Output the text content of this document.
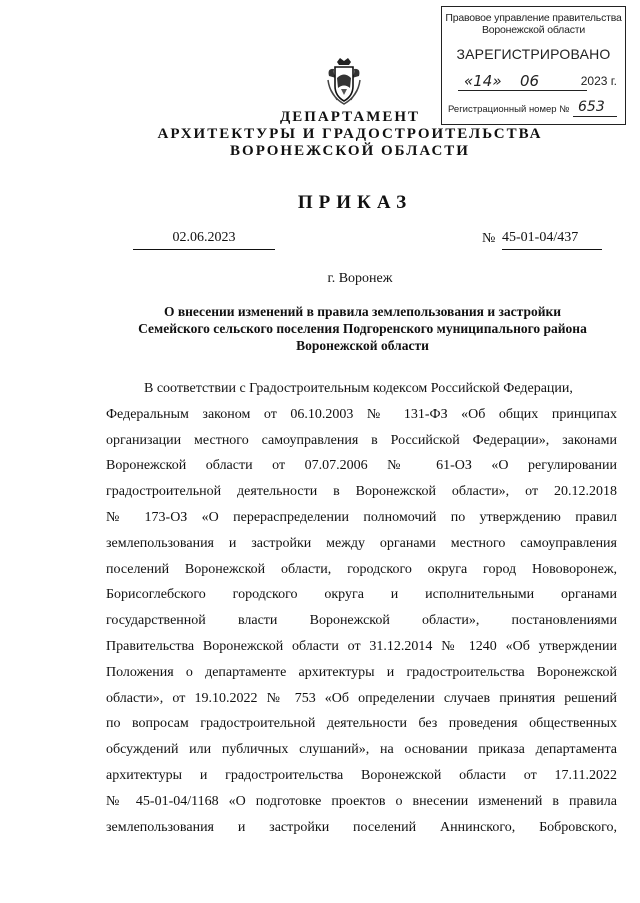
Правовое управление правительства
Воронежской области
ЗАРЕГИСТРИРОВАНО
«14» 06	2023 г.
Регистрационный номер № 653
ДЕПАРТАМЕНТ
АРХИТЕКТУРЫ И ГРАДОСТРОИТЕЛЬСТВА
ВОРОНЕЖСКОЙ ОБЛАСТИ
ПРИКАЗ
02.06.2023	№ 45-01-04/437
г. Воронеж
О внесении изменений в правила землепользования и застройки
Семейского сельского поселения Подгоренского муниципального района
Воронежской области
В соответствии с Градостроительным кодексом Российской Федерации,
Федеральным законом от 06.10.2003 № 131-ФЗ «Об общих принципах
организации местного самоуправления в Российской Федерации», законами
Воронежской области от 07.07.2006 № 61-ОЗ «О регулировании
градостроительной деятельности в Воронежской области», от 20.12.2018
№ 173-ОЗ «О перераспределении полномочий по утверждению правил
землепользования и застройки между органами местного самоуправления
поселений Воронежской области, городского округа город Нововоронеж,
Борисоглебского городского округа и исполнительными органами
государственной власти Воронежской области», постановлениями
Правительства Воронежской области от 31.12.2014 № 1240 «Об утверждении
Положения о департаменте архитектуры и градостроительства Воронежской
области», от 19.10.2022 № 753 «Об определении случаев принятия решений
по вопросам градостроительной деятельности без проведения общественных
обсуждений или публичных слушаний», на основании приказа департамента
архитектуры и градостроительства Воронежской области от 17.11.2022
№ 45-01-04/1168 «О подготовке проектов о внесении изменений в правила
землепользования и застройки поселений Аннинского, Бобровского,
